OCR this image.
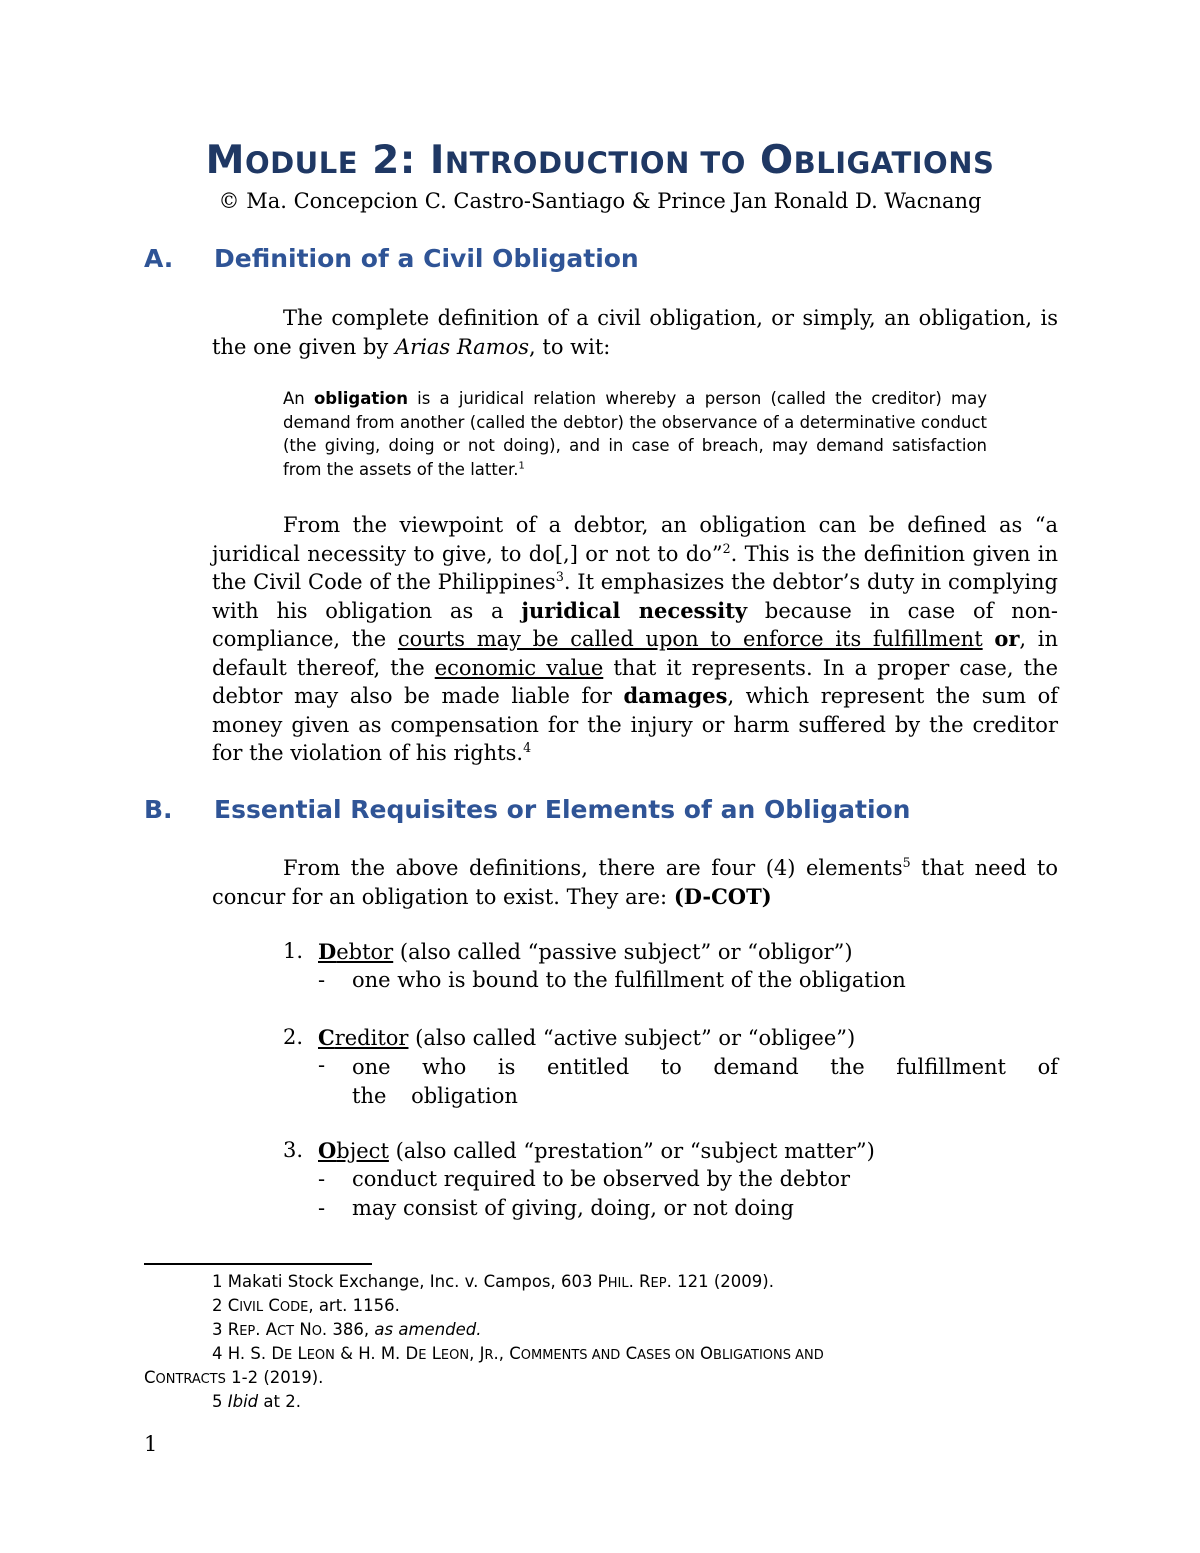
MODULE 2: INTRODUCTION TO OBLIGATIONS
© Ma. Concepcion C. Castro-Santiago & Prince Jan Ronald D. Wacnang
A. Definition of a Civil Obligation
The complete definition of a civil obligation, or simply, an obligation, is the one given by Arias Ramos, to wit:
An obligation is a juridical relation whereby a person (called the creditor) may demand from another (called the debtor) the observance of a determinative conduct (the giving, doing or not doing), and in case of breach, may demand satisfaction from the assets of the latter.$^1$
From the viewpoint of a debtor, an obligation can be defined as “a juridical necessity to give, to do[,] or not to do”$^2$. This is the definition given in the Civil Code of the Philippines$^3$. It emphasizes the debtor’s duty in complying with his obligation as a juridical necessity because in case of non-compliance, the courts may be called upon to enforce its fulfillment or, in default thereof, the economic value that it represents. In a proper case, the debtor may also be made liable for damages, which represent the sum of money given as compensation for the injury or harm suffered by the creditor for the violation of his rights.$^4$
B. Essential Requisites or Elements of an Obligation
From the above definitions, there are four (4) elements$^5$ that need to concur for an obligation to exist. They are: (D-COT)
1. Debtor (also called “passive subject” or “obligor”)
- one who is bound to the fulfillment of the obligation
2. Creditor (also called “active subject” or “obligee”)
- one who is entitled to demand the fulfillment of the obligation
3. Object (also called “prestation” or “subject matter”)
- conduct required to be observed by the debtor
- may consist of giving, doing, or not doing
1 Makati Stock Exchange, Inc. v. Campos, 603 PHIL. REP. 121 (2009).
2 CIVIL CODE, art. 1156.
3 REP. ACT NO. 386, as amended.
4 H. S. DE LEON & H. M. DE LEON, JR., COMMENTS AND CASES ON OBLIGATIONS AND
CONTRACTS 1-2 (2019).
5 Ibid at 2.
1
